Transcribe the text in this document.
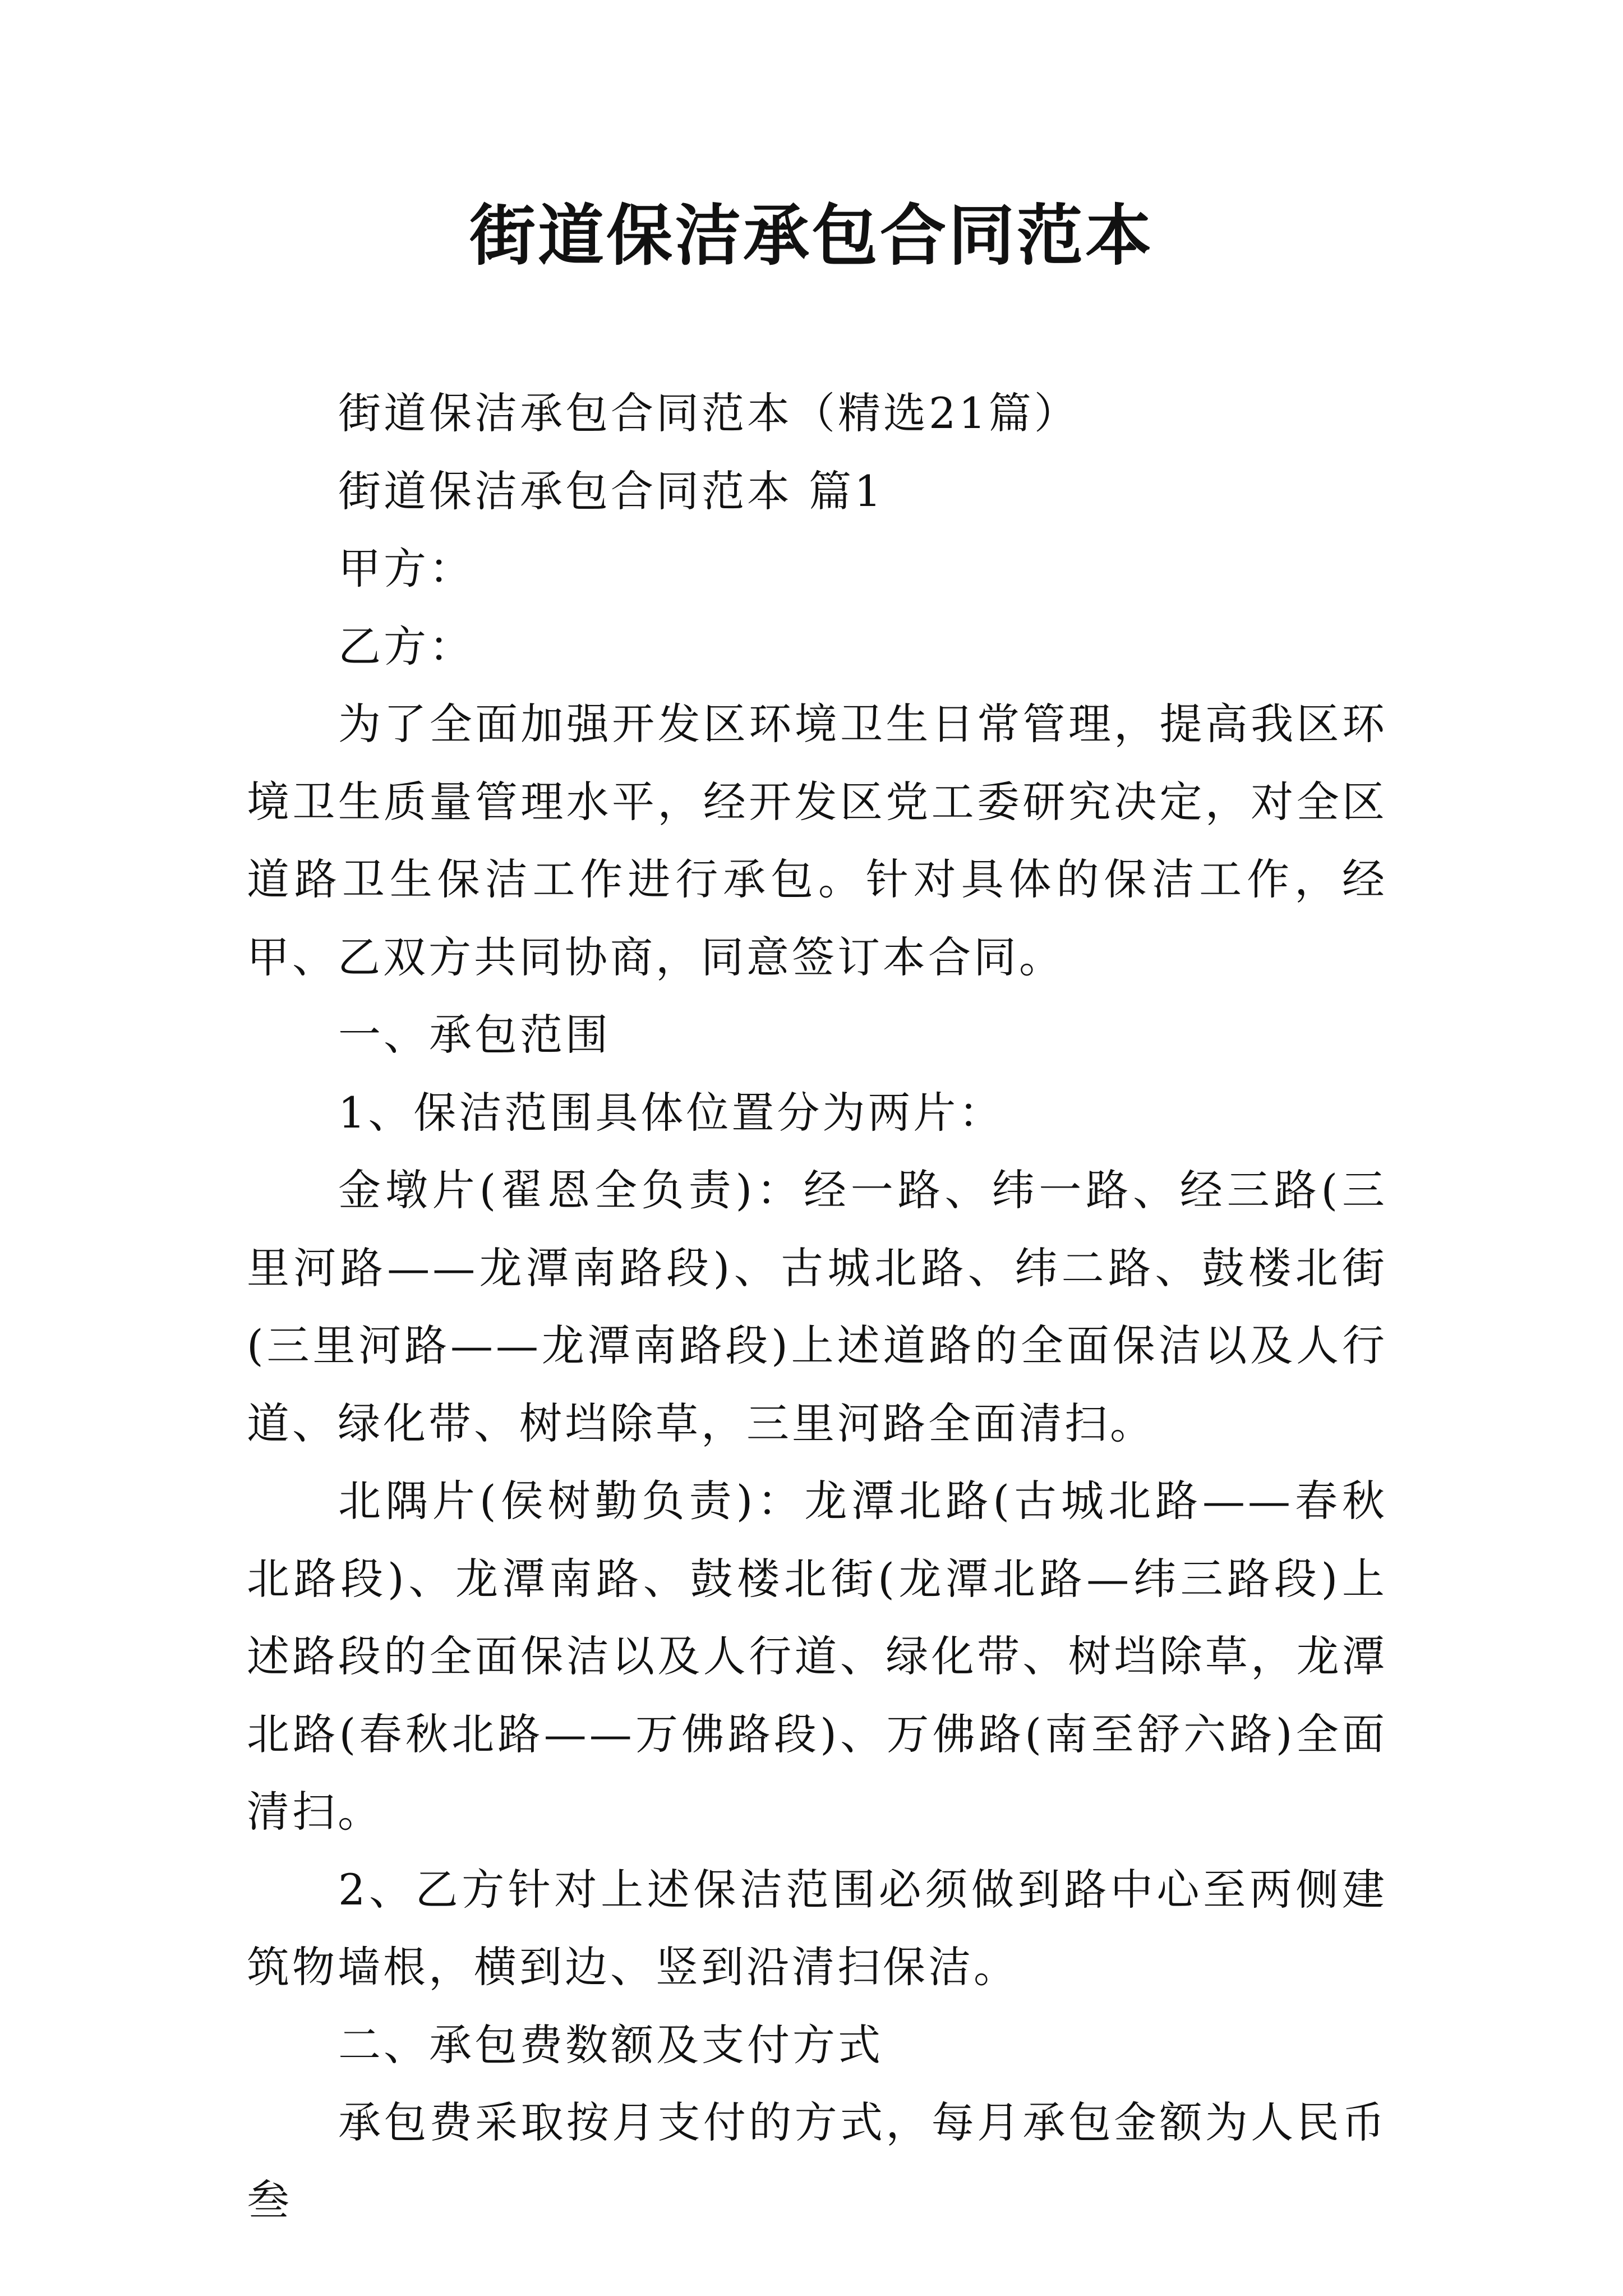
街道保洁承包合同范本

街道保洁承包合同范本（精选21篇）

街道保洁承包合同范本 篇1

甲方：

乙方：

为了全面加强开发区环境卫生日常管理，提高我区环境卫生质量管理水平，经开发区党工委研究决定，对全区道路卫生保洁工作进行承包。针对具体的保洁工作，经甲、乙双方共同协商，同意签订本合同。

一、承包范围

1、保洁范围具体位置分为两片：

金墩片(翟恩全负责)：经一路、纬一路、经三路(三里河路——龙潭南路段)、古城北路、纬二路、鼓楼北街(三里河路——龙潭南路段)上述道路的全面保洁以及人行道、绿化带、树垱除草，三里河路全面清扫。

北隅片(侯树勤负责)：龙潭北路(古城北路——春秋北路段)、龙潭南路、鼓楼北街(龙潭北路—纬三路段)上述路段的全面保洁以及人行道、绿化带、树垱除草，龙潭北路(春秋北路——万佛路段)、万佛路(南至舒六路)全面清扫。

2、乙方针对上述保洁范围必须做到路中心至两侧建筑物墙根，横到边、竖到沿清扫保洁。

二、承包费数额及支付方式

承包费采取按月支付的方式，每月承包金额为人民币叁
